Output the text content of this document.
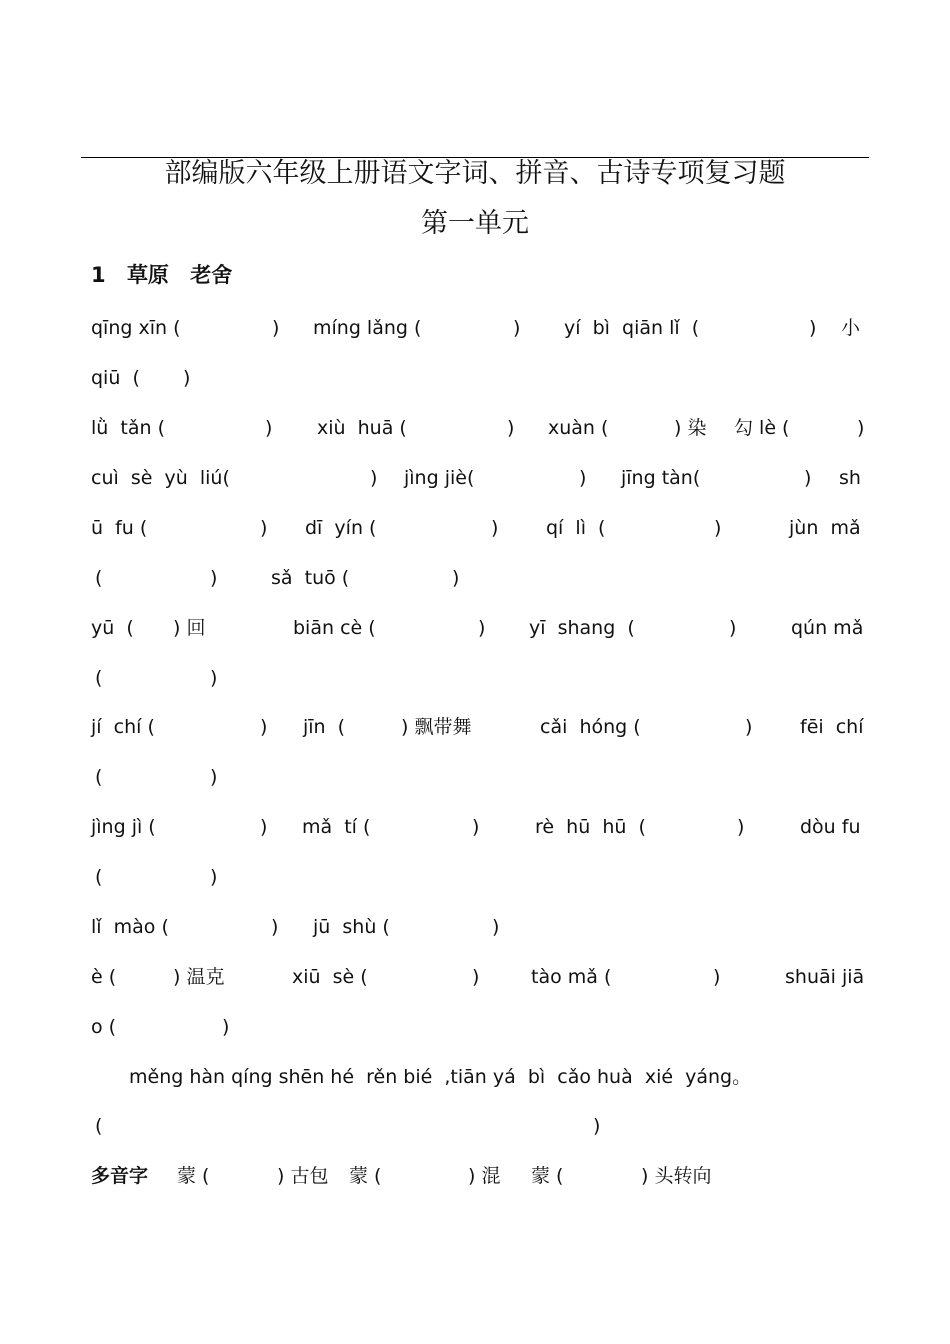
部编版六年级上册语文字词、拼音、古诗专项复习题
第一单元
1 草原 老舍
qīng xīn (	) míng lǎng (	) yí  bì  qiān lǐ  (	) 小
qiū  ( )
lǜ  tǎn (	) xiù  huā (	) xuàn (	) 染 勾 lè (	)
cuì  sè  yù  liú(	) jìng jiè(	) jīng tàn(	) sh
ū  fu (	) dī  yín (	)	qí  lì  (	)	jùn  mǎ
(	)	sǎ  tuō (	)
yū  ( ) 回	biān cè (	) yī  shang  (	)	qún mǎ
(	)
jí  chí (	) jīn  (	) 飘带舞	cǎi  hóng (	)	fēi  chí
(	)
jìng jì (	) mǎ  tí (	)	rè  hū  hū  (	)	dòu fu
(	)
lǐ  mào (	) jū  shù (	)
è (	) 温克	xiū  sè (	)	tào mǎ (	)	shuāi jiā
o (	)
měng hàn qíng shēn hé  rěn bié  ,tiān yá  bì  cǎo huà  xié  yáng。
(	)
多音字 蒙 (	) 古包 蒙 (	) 混 蒙 (	) 头转向
